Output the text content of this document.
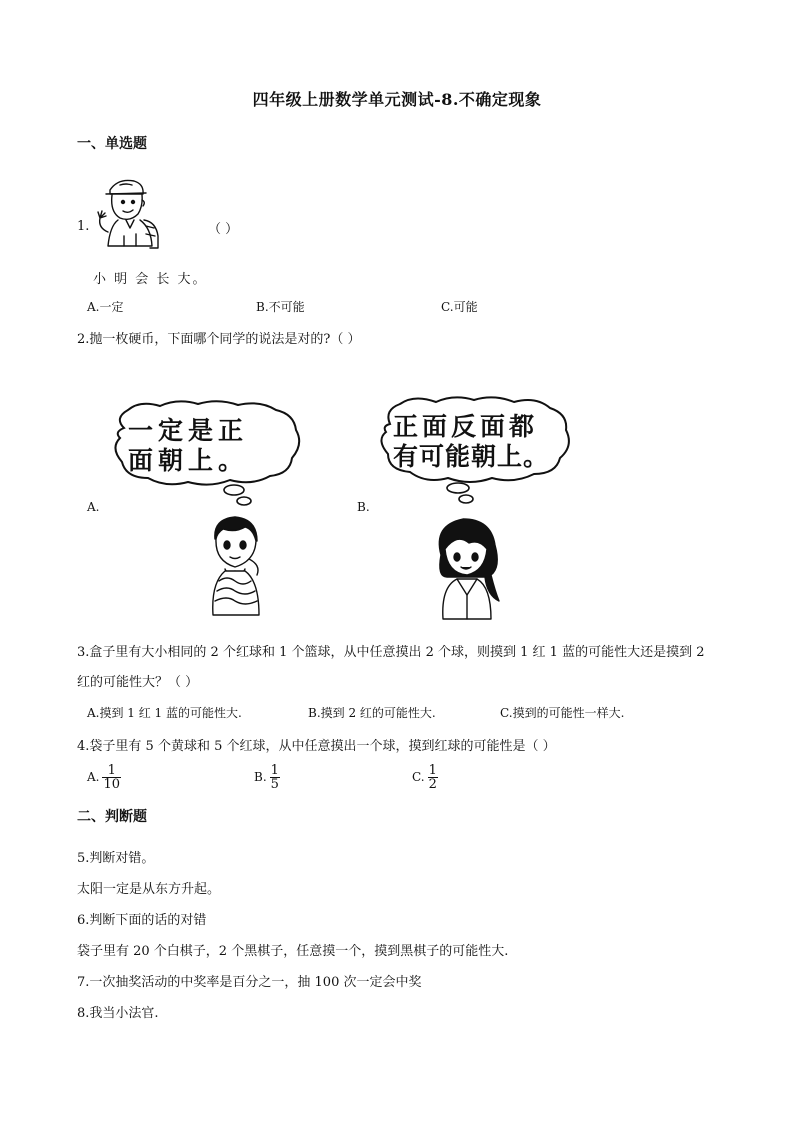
四年级上册数学单元测试-8.不确定现象
一、单选题
1.	（ ）
小 明 会 长 大。
A.一定	B.不可能	C.可能
2.抛一枚硬币，下面哪个同学的说法是对的?（ ）
A.
一定是正
面朝上。
B.
正面反面都
有可能朝上。
3.盒子里有大小相同的 2 个红球和 1 个篮球，从中任意摸出 2 个球，则摸到 1 红 1 蓝的可能性大还是摸到 2
红的可能性大？（ ）
A.摸到 1 红 1 蓝的可能性大.	B.摸到 2 红的可能性大.	C.摸到的可能性一样大.
4.袋子里有 5 个黄球和 5 个红球，从中任意摸出一个球，摸到红球的可能性是（ ）
A. $\frac{1}{10}$	B. $\frac{1}{5}$	C. $\frac{1}{2}$
二、判断题
5.判断对错。
太阳一定是从东方升起。
6.判断下面的话的对错
袋子里有 20 个白棋子，2 个黑棋子，任意摸一个，摸到黑棋子的可能性大.
7.一次抽奖活动的中奖率是百分之一，抽 100 次一定会中奖
8.我当小法官.
